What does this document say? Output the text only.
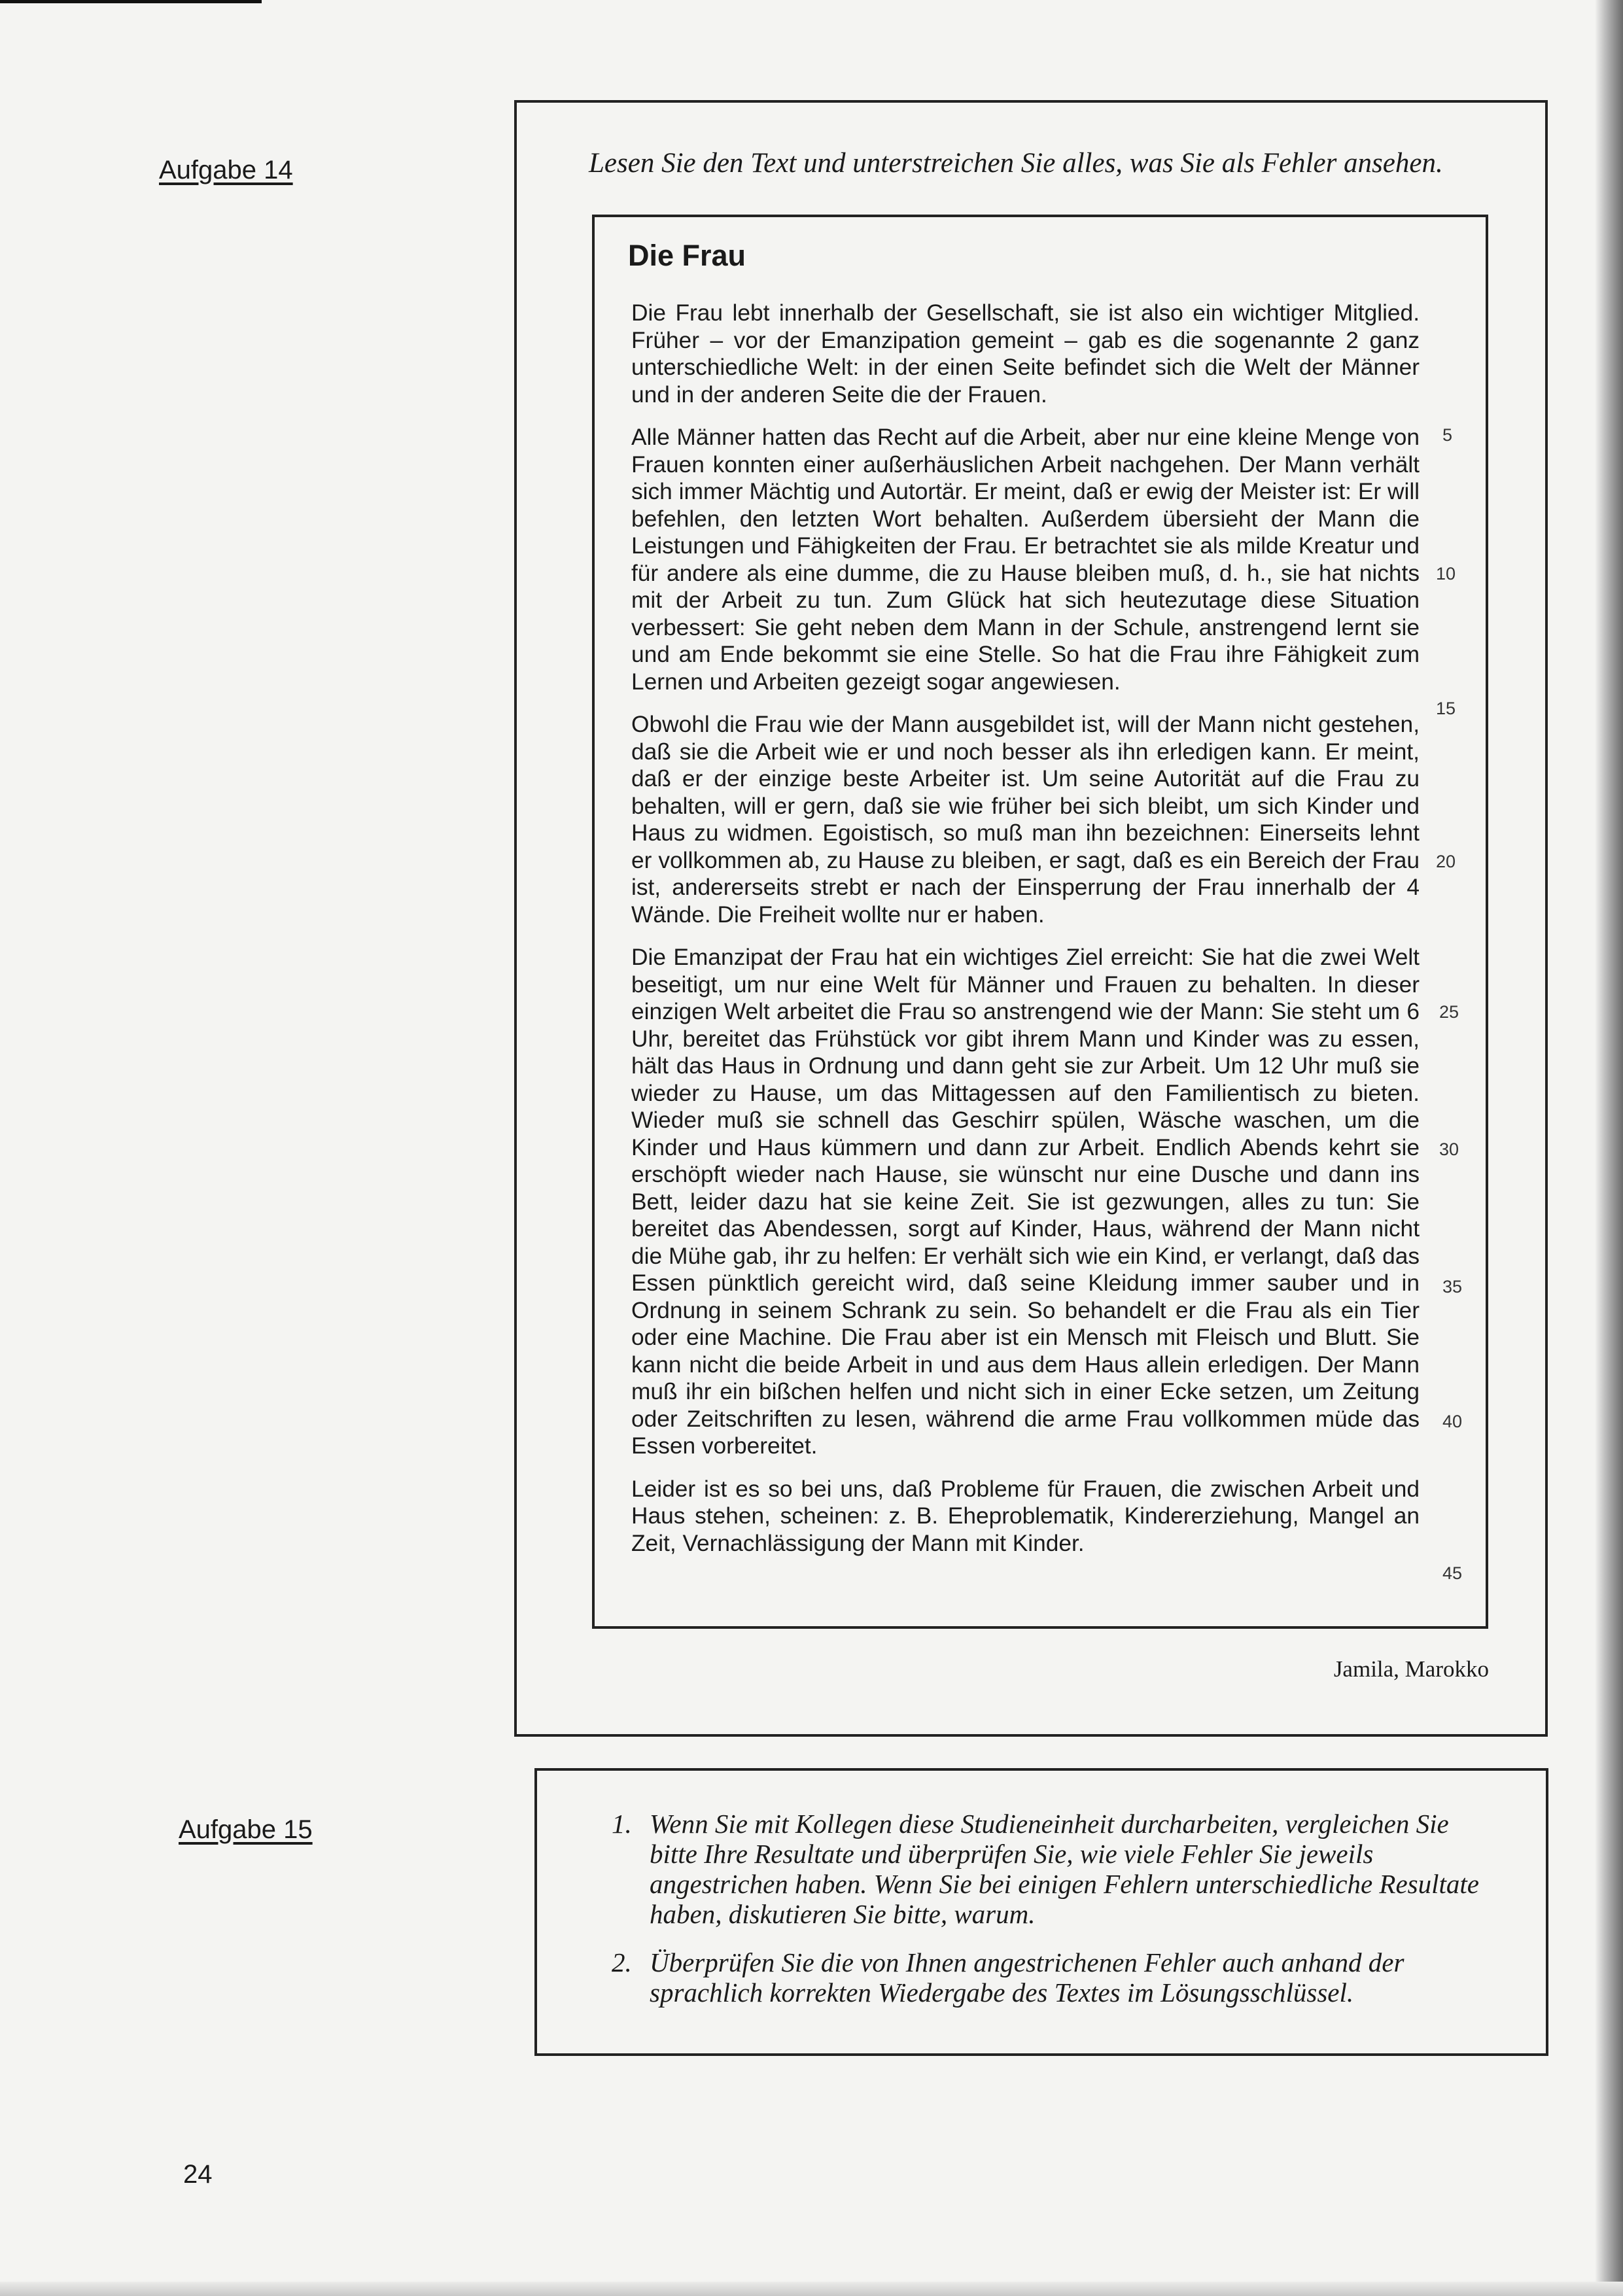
Aufgabe 14	Lesen Sie den Text und unterstreichen Sie alles, was Sie als Fehler ansehen.
Die Frau

Die Frau lebt innerhalb der Gesellschaft, sie ist also ein wichtiger Mitglied. Früher – vor der Emanzipation gemeint – gab es die sogenannte 2 ganz unterschiedliche Welt: in der einen Seite befindet sich die Welt der Männer und in der anderen Seite die der Frauen.

Alle Männer hatten das Recht auf die Arbeit, aber nur eine kleine Menge von Frauen konnten einer außerhäuslichen Arbeit nachgehen. Der Mann verhält sich immer Mächtig und Autortär. Er meint, daß er ewig der Meister ist: Er will befehlen, den letzten Wort behalten. Außerdem übersieht der Mann die Leistungen und Fähigkeiten der Frau. Er betrachtet sie als milde Kreatur und für andere als eine dumme, die zu Hause bleiben muß, d. h., sie hat nichts mit der Arbeit zu tun. Zum Glück hat sich heutezutage diese Situation verbessert: Sie geht neben dem Mann in der Schule, anstrengend lernt sie und am Ende bekommt sie eine Stelle. So hat die Frau ihre Fähigkeit zum Lernen und Arbeiten gezeigt sogar angewiesen.

Obwohl die Frau wie der Mann ausgebildet ist, will der Mann nicht gestehen, daß sie die Arbeit wie er und noch besser als ihn erledigen kann. Er meint, daß er der einzige beste Arbeiter ist. Um seine Autorität auf die Frau zu behalten, will er gern, daß sie wie früher bei sich bleibt, um sich Kinder und Haus zu widmen. Egoistisch, so muß man ihn bezeichnen: Einerseits lehnt er vollkommen ab, zu Hause zu bleiben, er sagt, daß es ein Bereich der Frau ist, andererseits strebt er nach der Einsperrung der Frau innerhalb der 4 Wände. Die Freiheit wollte nur er haben.

Die Emanzipat der Frau hat ein wichtiges Ziel erreicht: Sie hat die zwei Welt beseitigt, um nur eine Welt für Männer und Frauen zu behalten. In dieser einzigen Welt arbeitet die Frau so anstrengend wie der Mann: Sie steht um 6 Uhr, bereitet das Frühstück vor gibt ihrem Mann und Kinder was zu essen, hält das Haus in Ordnung und dann geht sie zur Arbeit. Um 12 Uhr muß sie wieder zu Hause, um das Mittagessen auf den Familientisch zu bieten. Wieder muß sie schnell das Geschirr spülen, Wäsche waschen, um die Kinder und Haus kümmern und dann zur Arbeit. Endlich Abends kehrt sie erschöpft wieder nach Hause, sie wünscht nur eine Dusche und dann ins Bett, leider dazu hat sie keine Zeit. Sie ist gezwungen, alles zu tun: Sie bereitet das Abendessen, sorgt auf Kinder, Haus, während der Mann nicht die Mühe gab, ihr zu helfen: Er verhält sich wie ein Kind, er verlangt, daß das Essen pünktlich gereicht wird, daß seine Kleidung immer sauber und in Ordnung in seinem Schrank zu sein. So behandelt er die Frau als ein Tier oder eine Machine. Die Frau aber ist ein Mensch mit Fleisch und Blutt. Sie kann nicht die beide Arbeit in und aus dem Haus allein erledigen. Der Mann muß ihr ein bißchen helfen und nicht sich in einer Ecke setzen, um Zeitung oder Zeitschriften zu lesen, während die arme Frau vollkommen müde das Essen vorbereitet.

Leider ist es so bei uns, daß Probleme für Frauen, die zwischen Arbeit und Haus stehen, scheinen: z. B. Eheproblematik, Kindererziehung, Mangel an Zeit, Vernachlässigung der Mann mit Kinder.

5
10
15
20
25
30
35
40
45
Jamila, Marokko
Aufgabe 15	1. Wenn Sie mit Kollegen diese Studieneinheit durcharbeiten, vergleichen Sie bitte Ihre Resultate und überprüfen Sie, wie viele Fehler Sie jeweils angestrichen haben. Wenn Sie bei einigen Fehlern unterschiedliche Resultate haben, diskutieren Sie bitte, warum.
2. Überprüfen Sie die von Ihnen angestrichenen Fehler auch anhand der sprachlich korrekten Wiedergabe des Textes im Lösungsschlüssel.
24
